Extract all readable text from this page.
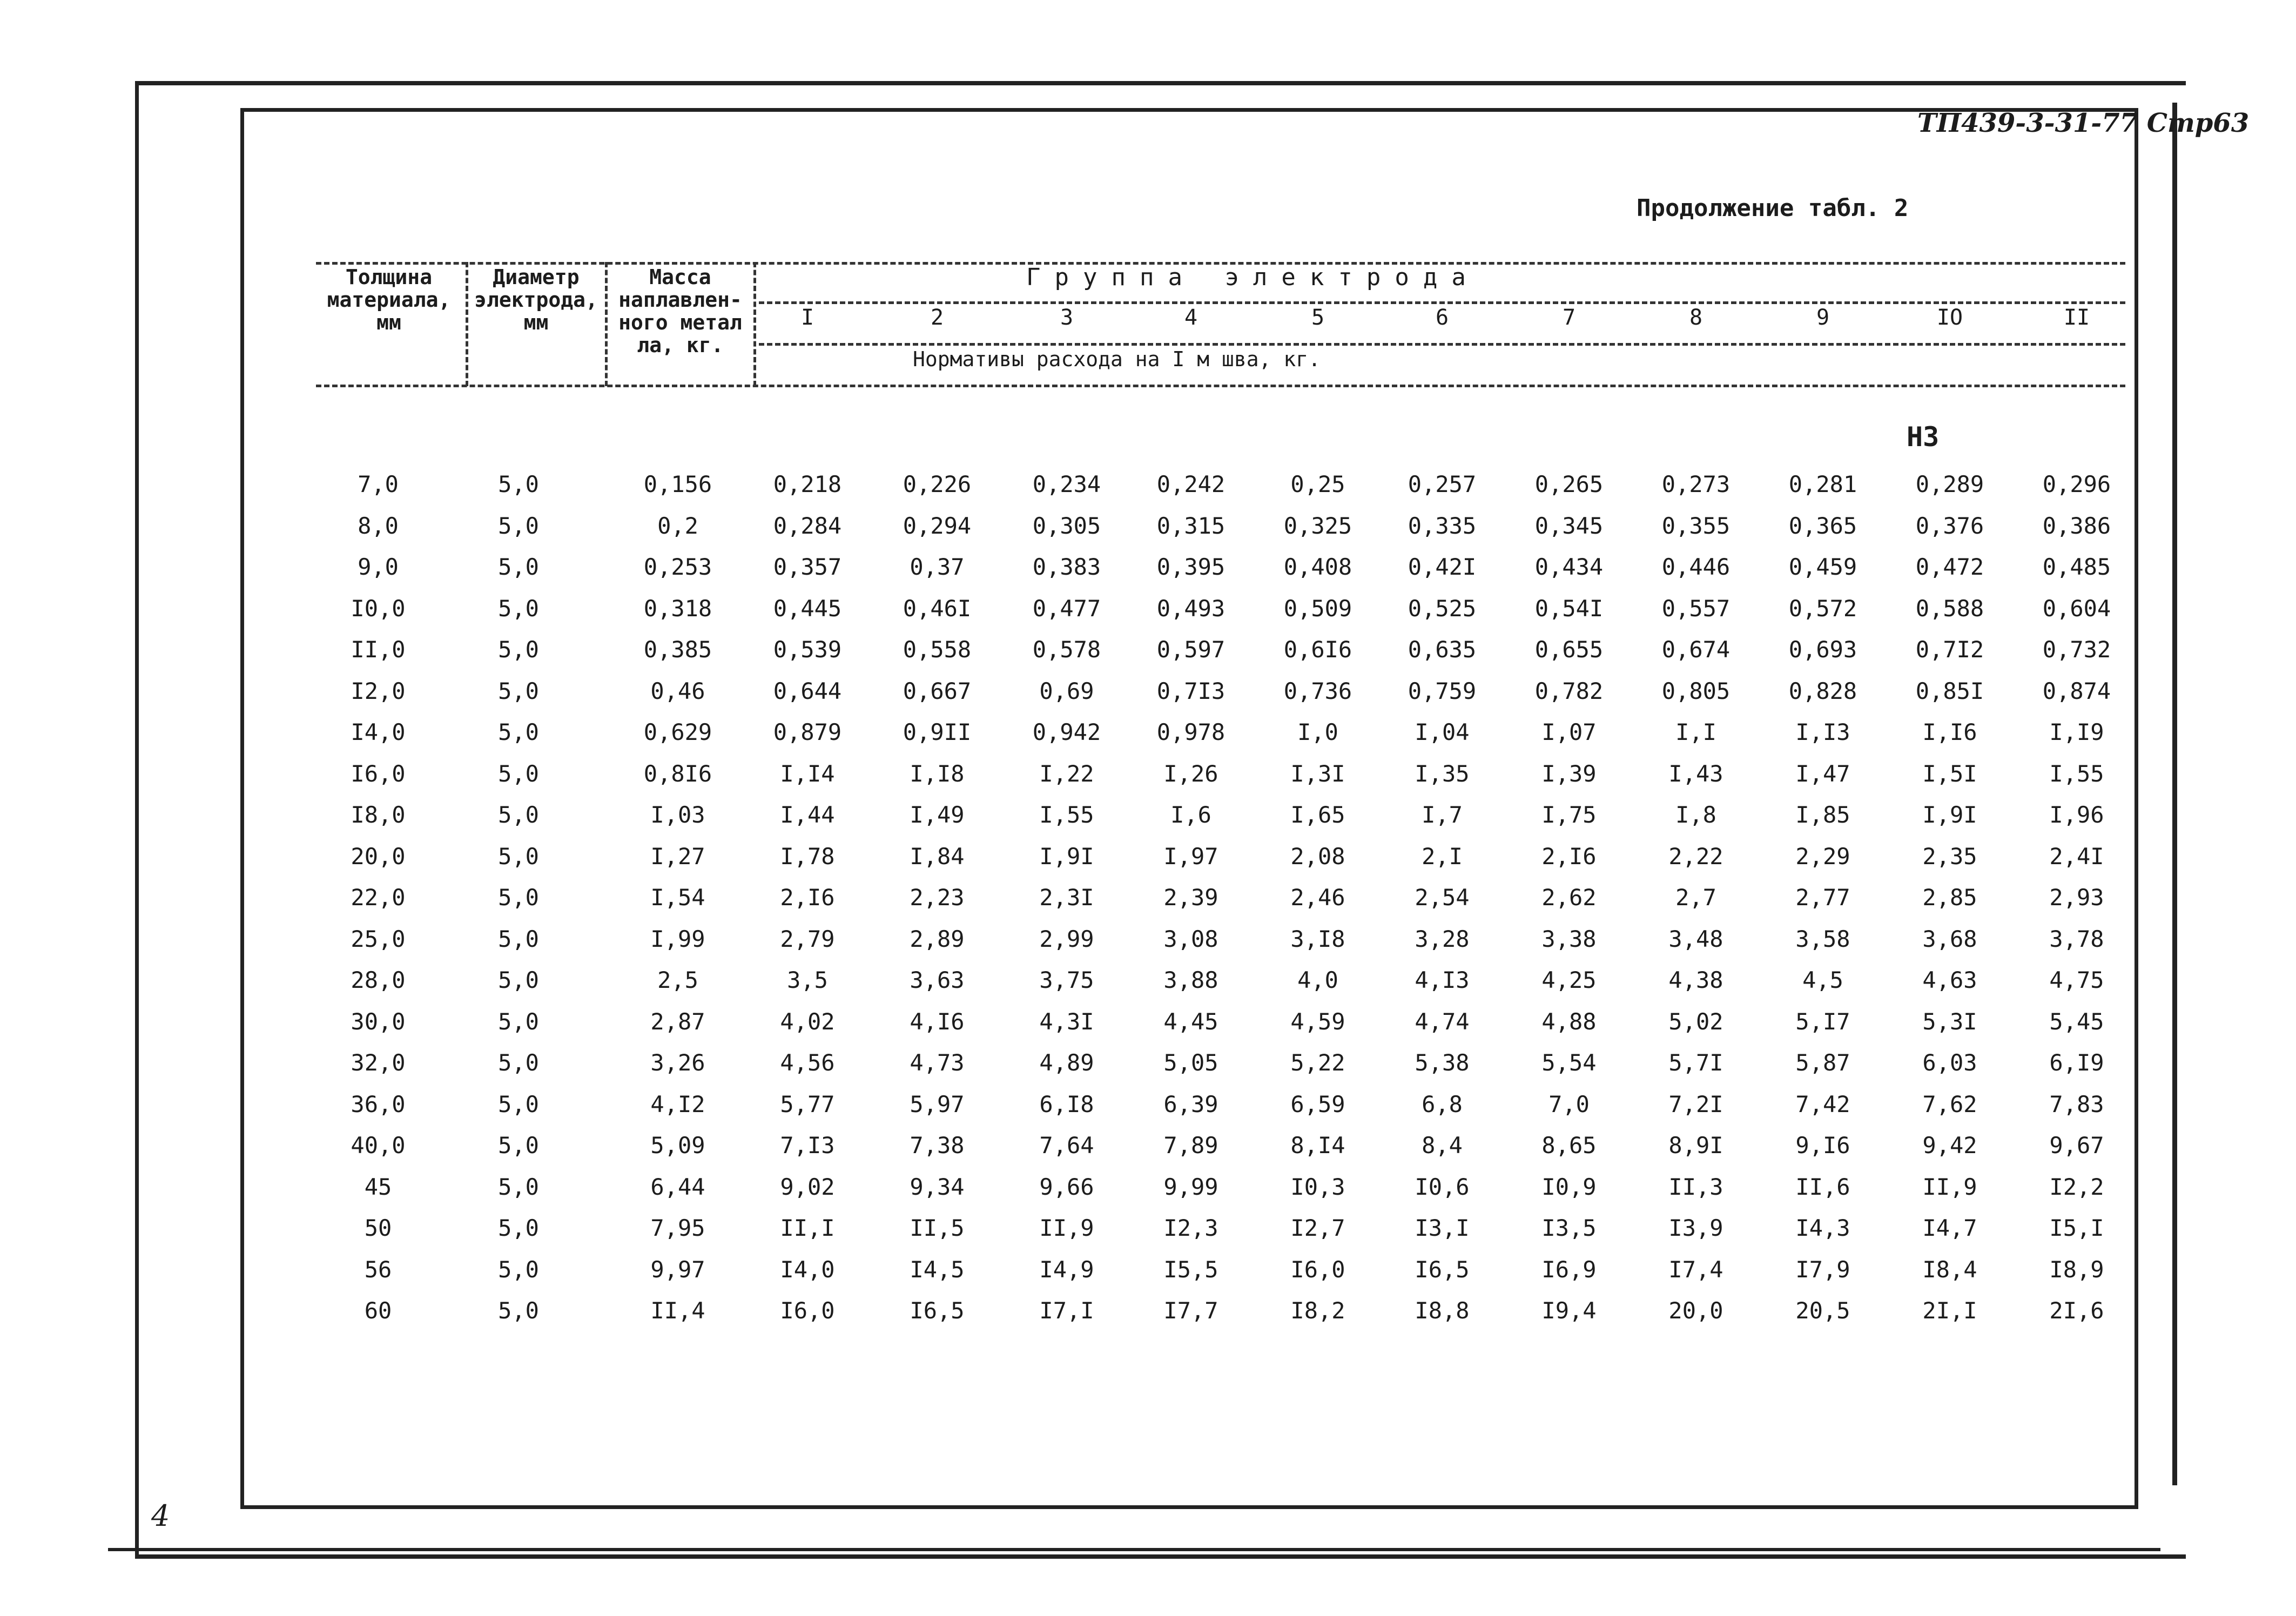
ТП439-3-31-77 Стр63
Продолжение табл. 2
4
Толщина
материала,
мм
Диаметр
электрода,
мм
Масса
наплавлен-
ного метал
ла, кг.
Группа электрода
Нормативы расхода на I м шва, кг.
I	2	3	4	5	6	7	8	9	IO	II
Н3
7,0	5,0	0,156	0,218	0,226	0,234	0,242	0,25	0,257	0,265	0,273	0,281	0,289	0,296
8,0	5,0	0,2	0,284	0,294	0,305	0,315	0,325	0,335	0,345	0,355	0,365	0,376	0,386
9,0	5,0	0,253	0,357	0,37	0,383	0,395	0,408	0,42I	0,434	0,446	0,459	0,472	0,485
I0,0	5,0	0,318	0,445	0,46I	0,477	0,493	0,509	0,525	0,54I	0,557	0,572	0,588	0,604
II,0	5,0	0,385	0,539	0,558	0,578	0,597	0,6I6	0,635	0,655	0,674	0,693	0,7I2	0,732
I2,0	5,0	0,46	0,644	0,667	0,69	0,7I3	0,736	0,759	0,782	0,805	0,828	0,85I	0,874
I4,0	5,0	0,629	0,879	0,9II	0,942	0,978	I,0	I,04	I,07	I,I	I,I3	I,I6	I,I9
I6,0	5,0	0,8I6	I,I4	I,I8	I,22	I,26	I,3I	I,35	I,39	I,43	I,47	I,5I	I,55
I8,0	5,0	I,03	I,44	I,49	I,55	I,6	I,65	I,7	I,75	I,8	I,85	I,9I	I,96
20,0	5,0	I,27	I,78	I,84	I,9I	I,97	2,08	2,I	2,I6	2,22	2,29	2,35	2,4I
22,0	5,0	I,54	2,I6	2,23	2,3I	2,39	2,46	2,54	2,62	2,7	2,77	2,85	2,93
25,0	5,0	I,99	2,79	2,89	2,99	3,08	3,I8	3,28	3,38	3,48	3,58	3,68	3,78
28,0	5,0	2,5	3,5	3,63	3,75	3,88	4,0	4,I3	4,25	4,38	4,5	4,63	4,75
30,0	5,0	2,87	4,02	4,I6	4,3I	4,45	4,59	4,74	4,88	5,02	5,I7	5,3I	5,45
32,0	5,0	3,26	4,56	4,73	4,89	5,05	5,22	5,38	5,54	5,7I	5,87	6,03	6,I9
36,0	5,0	4,I2	5,77	5,97	6,I8	6,39	6,59	6,8	7,0	7,2I	7,42	7,62	7,83
40,0	5,0	5,09	7,I3	7,38	7,64	7,89	8,I4	8,4	8,65	8,9I	9,I6	9,42	9,67
45	5,0	6,44	9,02	9,34	9,66	9,99	I0,3	I0,6	I0,9	II,3	II,6	II,9	I2,2
50	5,0	7,95	II,I	II,5	II,9	I2,3	I2,7	I3,I	I3,5	I3,9	I4,3	I4,7	I5,I
56	5,0	9,97	I4,0	I4,5	I4,9	I5,5	I6,0	I6,5	I6,9	I7,4	I7,9	I8,4	I8,9
60	5,0	II,4	I6,0	I6,5	I7,I	I7,7	I8,2	I8,8	I9,4	20,0	20,5	2I,I	2I,6
